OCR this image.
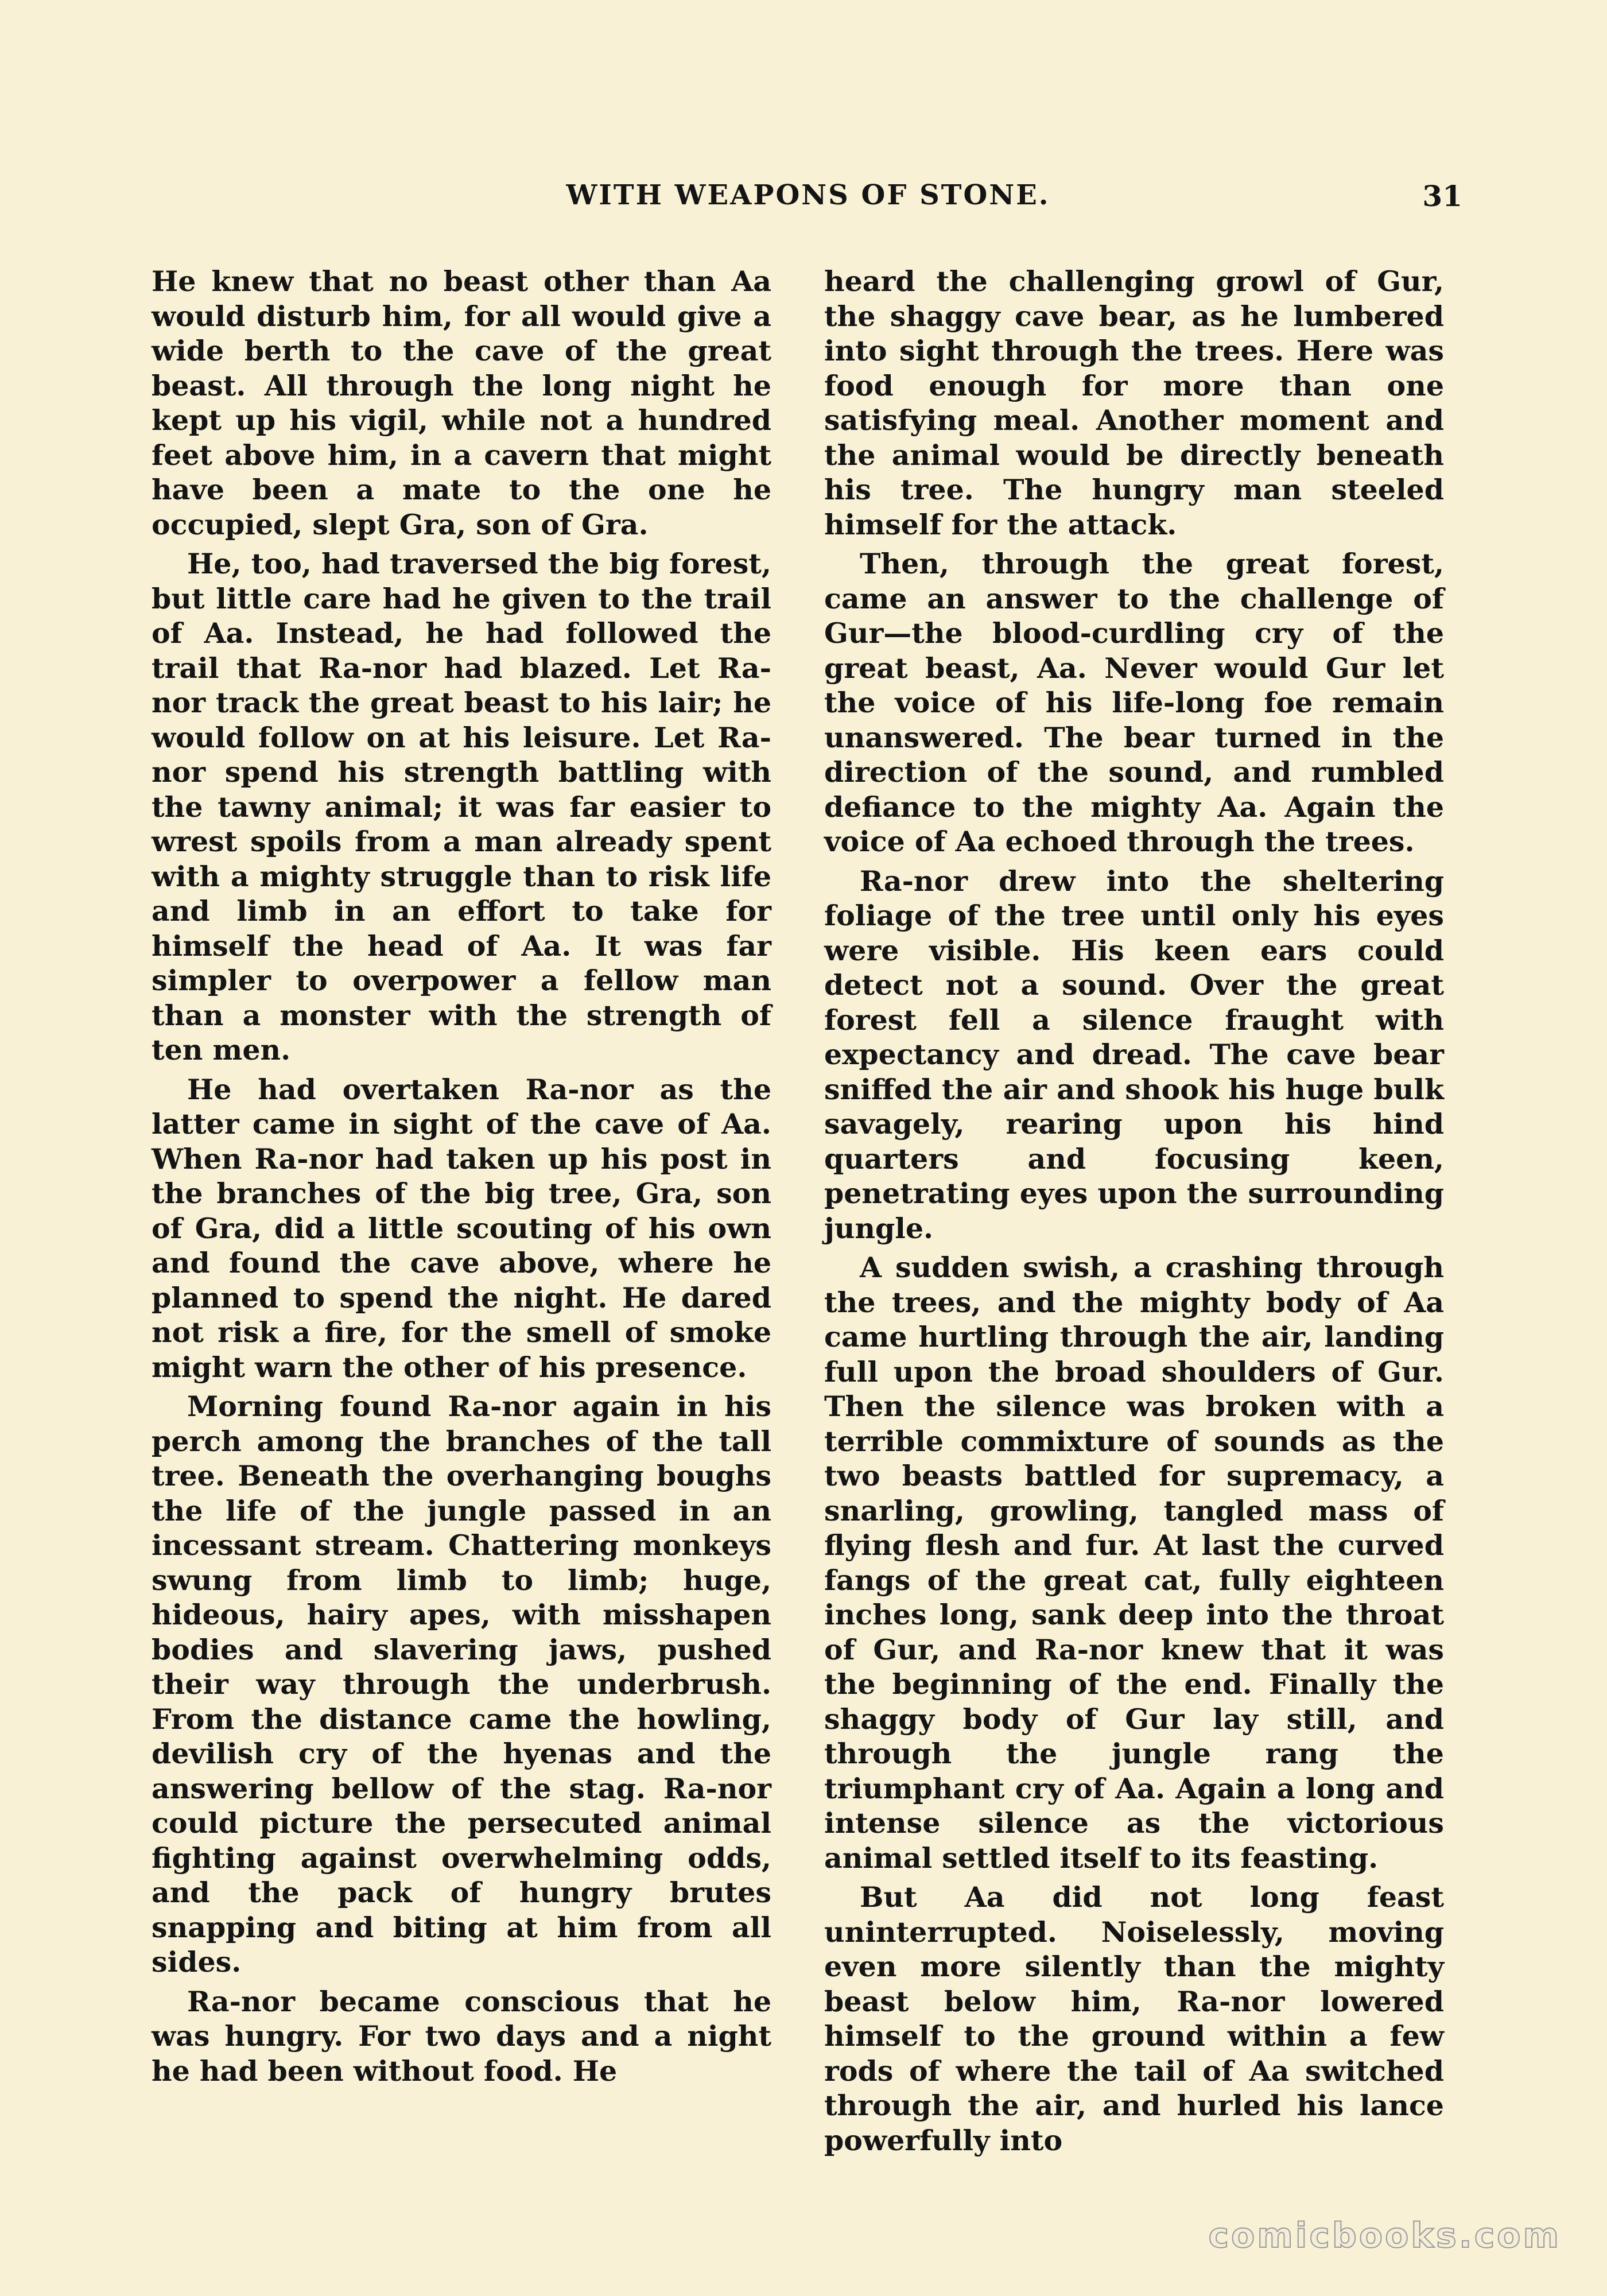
WITH WEAPONS OF STONE.	31

He knew that no beast other than Aa would disturb him, for all would give a wide berth to the cave of the great beast. All through the long night he kept up his vigil, while not a hundred feet above him, in a cavern that might have been a mate to the one he occupied, slept Gra, son of Gra.

He, too, had traversed the big forest, but little care had he given to the trail of Aa. Instead, he had followed the trail that Ra-nor had blazed. Let Ra-nor track the great beast to his lair; he would follow on at his leisure. Let Ra-nor spend his strength battling with the tawny animal; it was far easier to wrest spoils from a man already spent with a mighty struggle than to risk life and limb in an effort to take for himself the head of Aa. It was far simpler to overpower a fellow man than a monster with the strength of ten men.

He had overtaken Ra-nor as the latter came in sight of the cave of Aa. When Ra-nor had taken up his post in the branches of the big tree, Gra, son of Gra, did a little scouting of his own and found the cave above, where he planned to spend the night. He dared not risk a fire, for the smell of smoke might warn the other of his presence.

Morning found Ra-nor again in his perch among the branches of the tall tree. Beneath the overhanging boughs the life of the jungle passed in an incessant stream. Chattering monkeys swung from limb to limb; huge, hideous, hairy apes, with misshapen bodies and slavering jaws, pushed their way through the underbrush. From the distance came the howling, devilish cry of the hyenas and the answering bellow of the stag. Ra-nor could picture the persecuted animal fighting against overwhelming odds, and the pack of hungry brutes snapping and biting at him from all sides.

Ra-nor became conscious that he was hungry. For two days and a night he had been without food. He

heard the challenging growl of Gur, the shaggy cave bear, as he lumbered into sight through the trees. Here was food enough for more than one satisfying meal. Another moment and the animal would be directly beneath his tree. The hungry man steeled himself for the attack.

Then, through the great forest, came an answer to the challenge of Gur—the blood-curdling cry of the great beast, Aa. Never would Gur let the voice of his life-long foe remain unanswered. The bear turned in the direction of the sound, and rumbled defiance to the mighty Aa. Again the voice of Aa echoed through the trees.

Ra-nor drew into the sheltering foliage of the tree until only his eyes were visible. His keen ears could detect not a sound. Over the great forest fell a silence fraught with expectancy and dread. The cave bear sniffed the air and shook his huge bulk savagely, rearing upon his hind quarters and focusing keen, penetrating eyes upon the surrounding jungle.

A sudden swish, a crashing through the trees, and the mighty body of Aa came hurtling through the air, landing full upon the broad shoulders of Gur. Then the silence was broken with a terrible commixture of sounds as the two beasts battled for supremacy, a snarling, growling, tangled mass of flying flesh and fur. At last the curved fangs of the great cat, fully eighteen inches long, sank deep into the throat of Gur, and Ra-nor knew that it was the beginning of the end. Finally the shaggy body of Gur lay still, and through the jungle rang the triumphant cry of Aa. Again a long and intense silence as the victorious animal settled itself to its feasting.

But Aa did not long feast uninterrupted. Noiselessly, moving even more silently than the mighty beast below him, Ra-nor lowered himself to the ground within a few rods of where the tail of Aa switched through the air, and hurled his lance powerfully into

comicbooks.com
